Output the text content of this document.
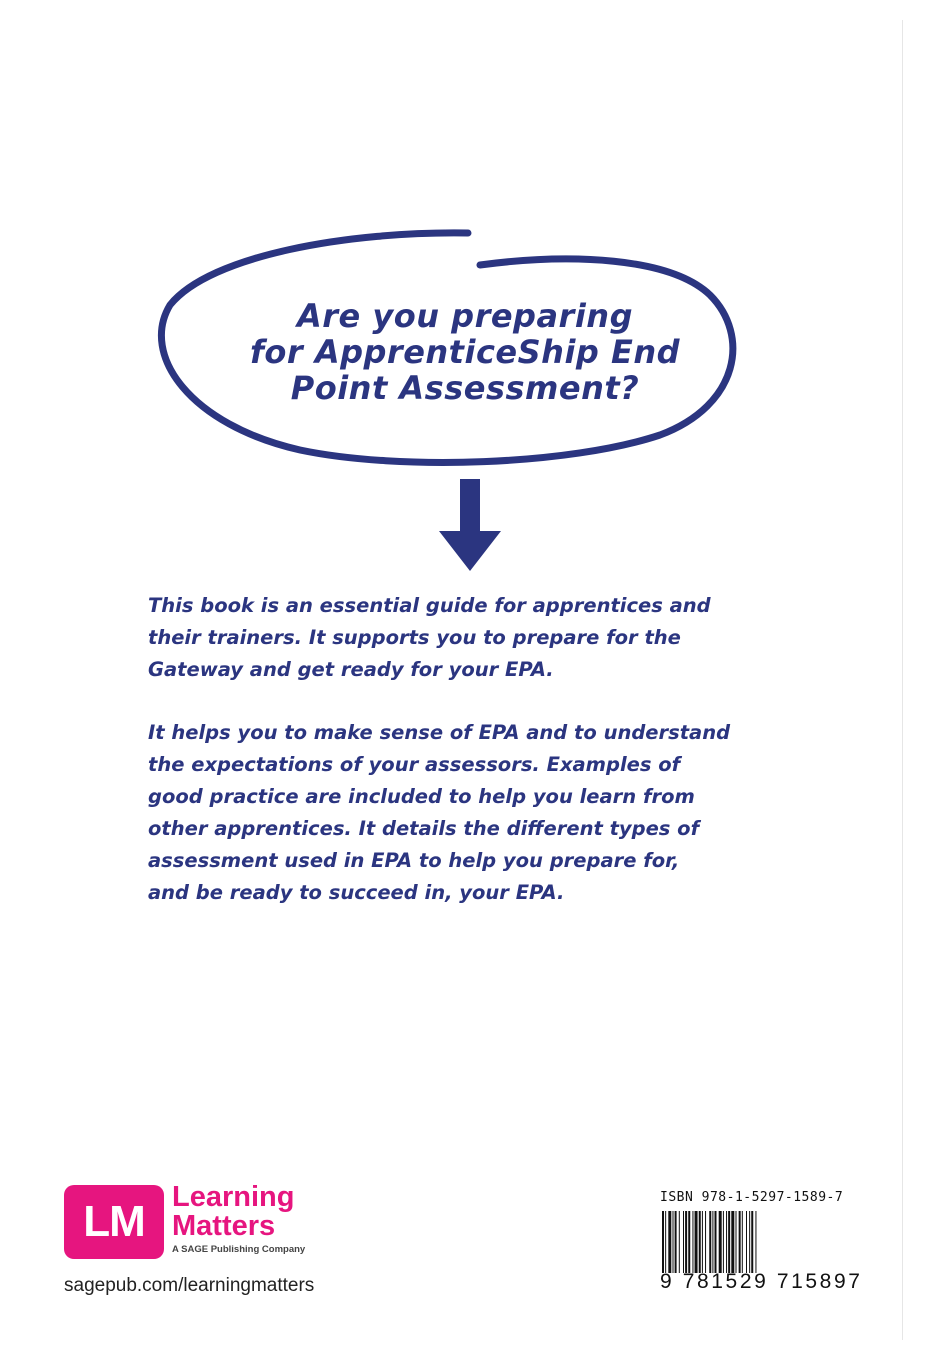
Are you preparing
for ApprenticeShip End
Point Assessment?
This book is an essential guide for apprentices and
their trainers. It supports you to prepare for the
Gateway and get ready for your EPA.
It helps you to make sense of EPA and to understand
the expectations of your assessors. Examples of
good practice are included to help you learn from
other apprentices. It details the different types of
assessment used in EPA to help you prepare for,
and be ready to succeed in, your EPA.
LM Learning
Matters
A SAGE Publishing Company
sagepub.com/learningmatters
ISBN 978-1-5297-1589-7
9 781529 715897
